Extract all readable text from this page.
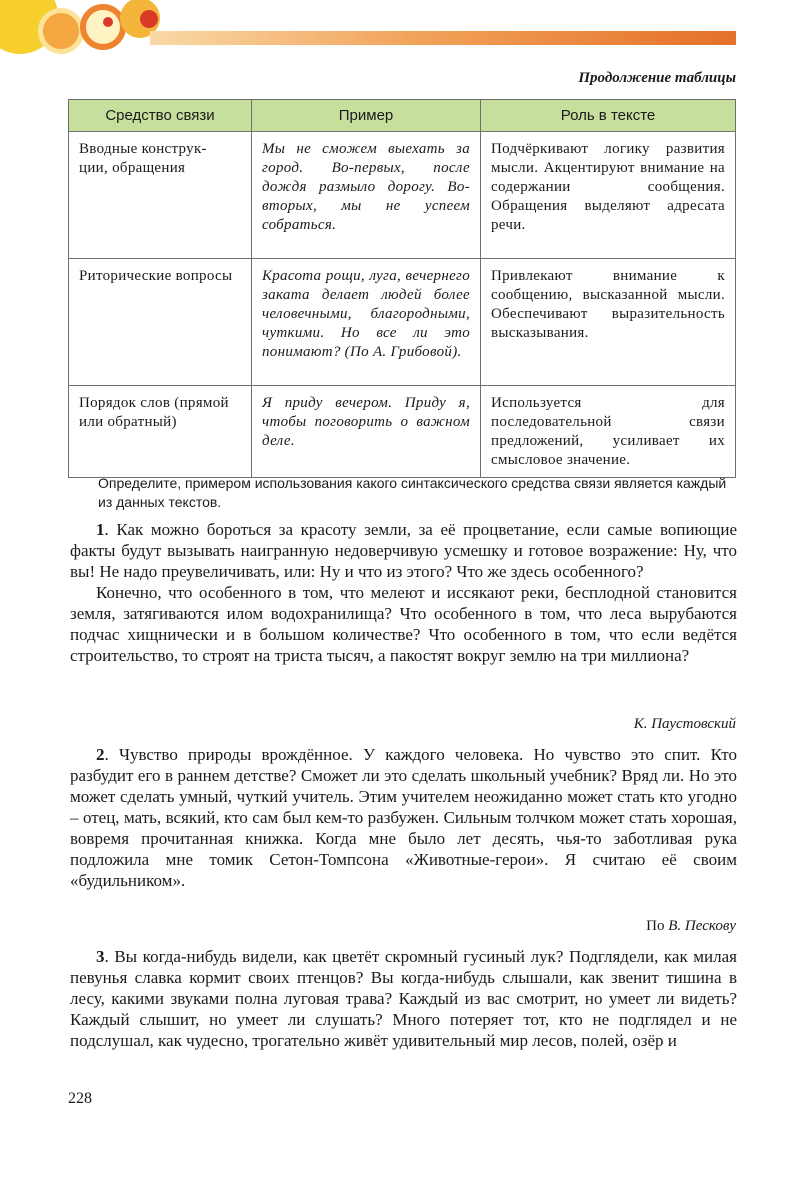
Продолжение таблицы
Средство связи	Пример	Роль в тексте
Вводные конструк-
ции, обращения	Мы не сможем выехать за город. Во-первых, после дождя размыло дорогу. Во-вторых, мы не успеем собраться.	Подчёркивают логику развития мысли. Акцентируют внимание на содержании сообщения. Обращения выделяют адресата речи.
Риторические вопросы	Красота рощи, луга, вечернего заката делает людей более человечными, благородными, чуткими. Но все ли это понимают? (По А. Грибовой).	Привлекают внимание к сообщению, высказанной мысли. Обеспечивают выразительность высказывания.
Порядок слов (прямой или обратный)	Я приду вечером. Приду я, чтобы поговорить о важном деле.	Используется для последовательной связи предложений, усиливает их смысловое значение.
Определите, примером использования какого синтаксического средства связи является каждый из данных текстов.

1. Как можно бороться за красоту земли, за её процветание, если самые вопиющие факты будут вызывать наигранную недоверчивую усмешку и готовое возражение: Ну, что вы! Не надо преувеличивать, или: Ну и что из этого? Что же здесь особенного?

Конечно, что особенного в том, что мелеют и иссякают реки, бесплодной становится земля, затягиваются илом водохранилища? Что особенного в том, что леса вырубаются подчас хищнически и в большом количестве? Что особенного в том, что если ведётся строительство, то строят на триста тысяч, а пакостят вокруг землю на три миллиона?

К. Паустовский

2. Чувство природы врождённое. У каждого человека. Но чувство это спит. Кто разбудит его в раннем детстве? Сможет ли это сделать школьный учебник? Вряд ли. Но это может сделать умный, чуткий учитель. Этим учителем неожиданно может стать кто угодно – отец, мать, всякий, кто сам был кем-то разбужен. Сильным толчком может стать хорошая, вовремя прочитанная книжка. Когда мне было лет десять, чья-то заботливая рука подложила мне томик Сетон-Томпсона «Животные-герои». Я считаю её своим «будильником».

По В. Пескову

3. Вы когда-нибудь видели, как цветёт скромный гусиный лук? Подглядели, как милая певунья славка кормит своих птенцов? Вы когда-нибудь слышали, как звенит тишина в лесу, какими звуками полна луговая трава? Каждый из вас смотрит, но умеет ли видеть? Каждый слышит, но умеет ли слушать? Много потеряет тот, кто не подглядел и не подслушал, как чудесно, трогательно живёт удивительный мир лесов, полей, озёр и

228
